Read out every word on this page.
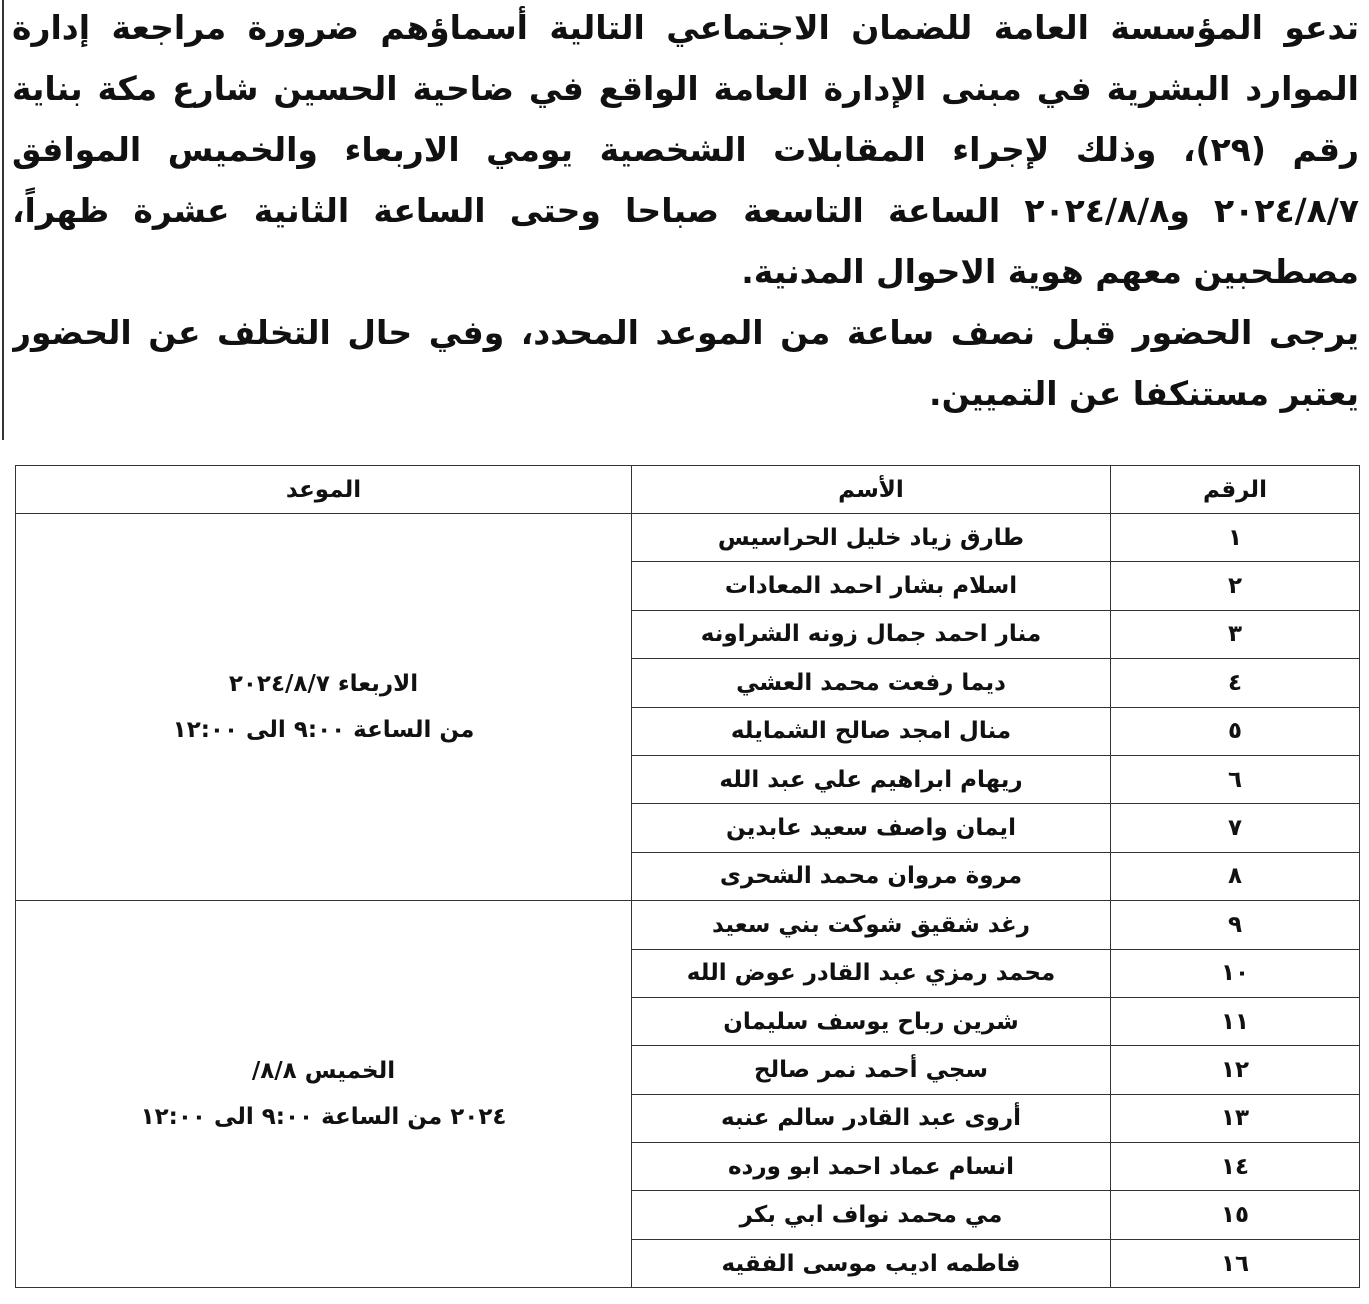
تدعو المؤسسة العامة للضمان الاجتماعي التالية أسماؤهم ضرورة مراجعة إدارة
الموارد البشرية في مبنى الإدارة العامة الواقع في ضاحية الحسين شارع مكة بناية
رقم (٢٩)، وذلك لإجراء المقابلات الشخصية يومي الاربعاء والخميس الموافق
٢٠٢٤/٨/٧ و٢٠٢٤/٨/٨ الساعة التاسعة صباحا وحتى الساعة الثانية عشرة ظهراً،
مصطحبين معهم هوية الاحوال المدنية.
يرجى الحضور قبل نصف ساعة من الموعد المحدد، وفي حال التخلف عن الحضور
يعتبر مستنكفا عن التميين.
الرقم	الأسم	الموعد
١	طارق زياد خليل الحراسيس	الاربعاء ٢٠٢٤/٨/٧
من الساعة ٩:٠٠ الى ١٢:٠٠

٢	اسلام بشار احمد المعادات	
٣	منار احمد جمال زونه الشراونه	
٤	ديما رفعت محمد العشي	
٥	منال امجد صالح الشمايله	
٦	ريهام ابراهيم علي عبد الله	
٧	ايمان واصف سعيد عابدين	
٨	مروة مروان محمد الشحرى	
٩	رغد شقيق شوكت بني سعيد	الخميس ٨/٨/
٢٠٢٤ من الساعة ٩:٠٠ الى ١٢:٠٠

١٠	محمد رمزي عبد القادر عوض الله	
١١	شرين رباح يوسف سليمان	
١٢	سجي أحمد نمر صالح	
١٣	أروى عبد القادر سالم عنبه	
١٤	انسام عماد احمد ابو ورده	
١٥	مي محمد نواف ابي بكر	
١٦	فاطمه اديب موسى الفقيه	
